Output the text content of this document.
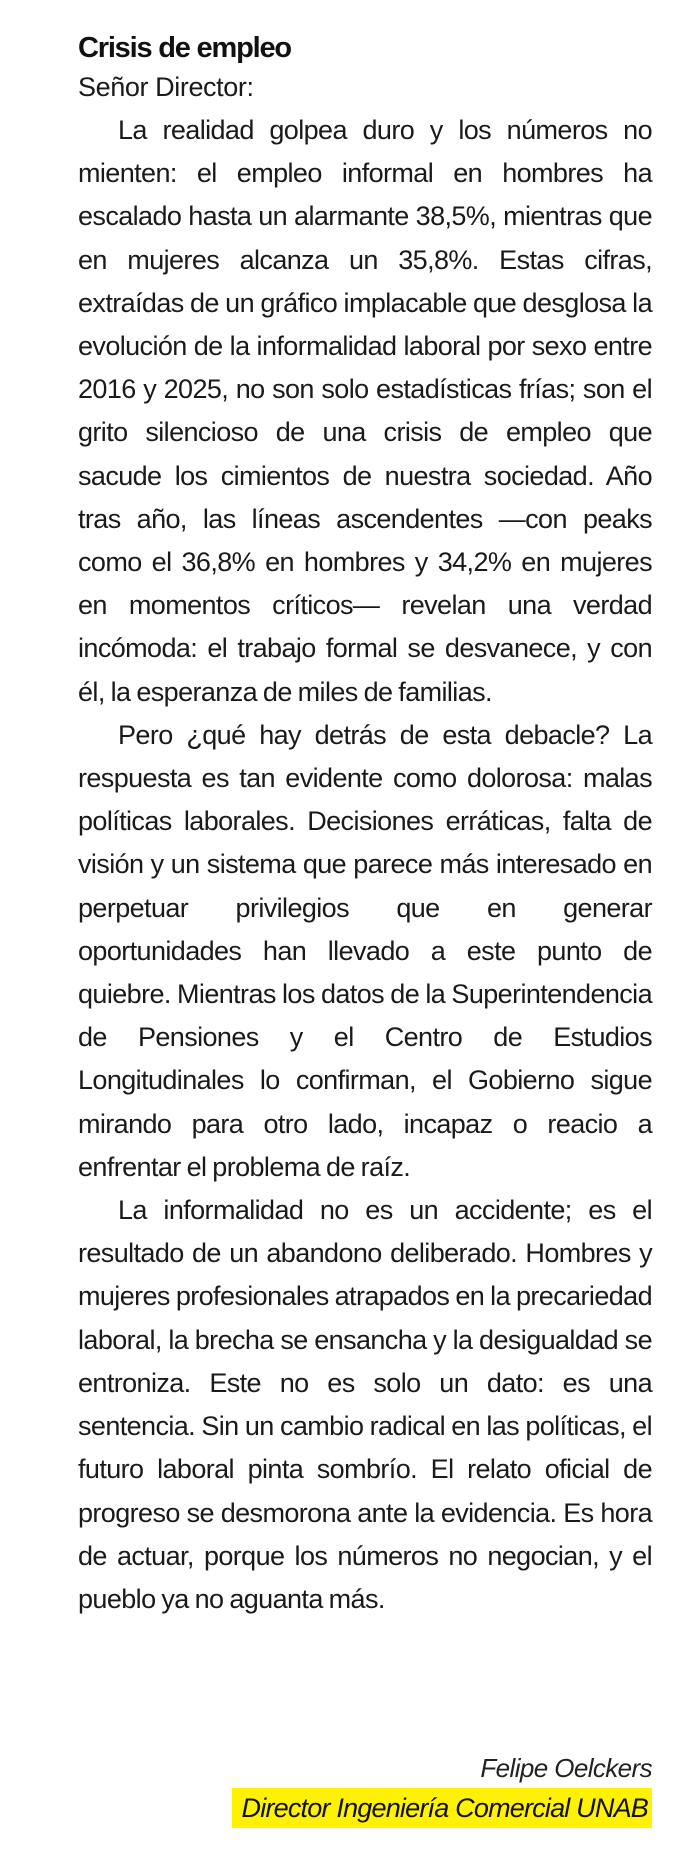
Crisis de empleo

Señor Director:

La realidad golpea duro y los números no mienten: el empleo informal en hombres ha escalado hasta un alarmante 38,5%, mientras que en mujeres alcanza un 35,8%. Estas cifras, extraídas de un gráfico implacable que desglosa la evolución de la informalidad laboral por sexo entre 2016 y 2025, no son solo estadísticas frías; son el grito silencioso de una crisis de empleo que sacude los cimientos de nuestra sociedad. Año tras año, las líneas ascendentes —con peaks como el 36,8% en hombres y 34,2% en mujeres en momentos críticos— revelan una verdad incómoda: el trabajo formal se desvanece, y con él, la esperanza de miles de familias.

Pero ¿qué hay detrás de esta debacle? La respuesta es tan evidente como dolorosa: malas políticas laborales. Decisiones erráticas, falta de visión y un sistema que parece más interesado en perpetuar privilegios que en generar oportunidades han llevado a este punto de quiebre. Mientras los datos de la Superintendencia de Pensiones y el Centro de Estudios Longitudinales lo confirman, el Gobierno sigue mirando para otro lado, incapaz o reacio a enfrentar el problema de raíz.

La informalidad no es un accidente; es el resultado de un abandono deliberado. Hombres y mujeres profesionales atrapados en la precariedad laboral, la brecha se ensancha y la desigualdad se entroniza. Este no es solo un dato: es una sentencia. Sin un cambio radical en las políticas, el futuro laboral pinta sombrío. El relato oficial de progreso se desmorona ante la evidencia. Es hora de actuar, porque los números no negocian, y el pueblo ya no aguanta más.

Felipe Oelckers
Director Ingeniería Comercial UNAB
